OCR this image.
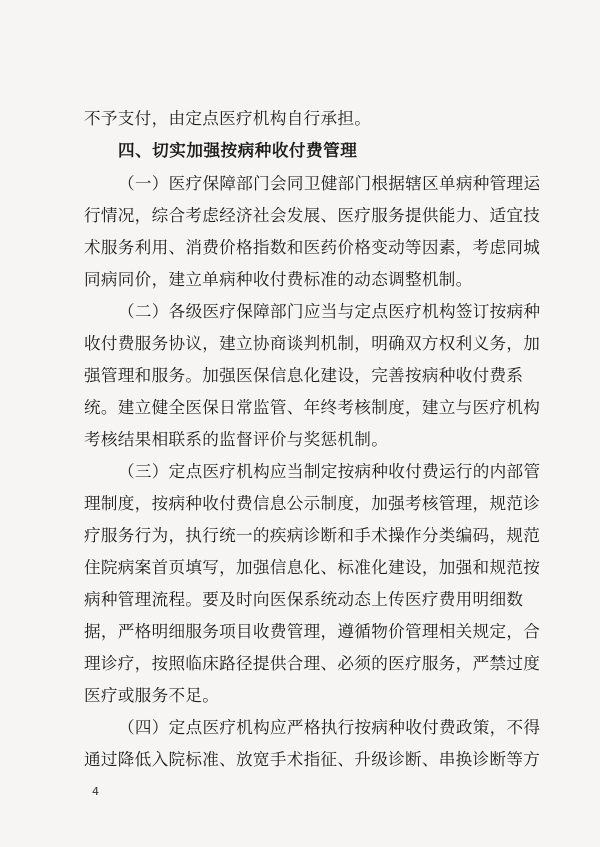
不予支付，由定点医疗机构自行承担。
四、切实加强按病种收付费管理
（一）医疗保障部门会同卫健部门根据辖区单病种管理运
行情况，综合考虑经济社会发展、医疗服务提供能力、适宜技
术服务利用、消费价格指数和医药价格变动等因素，考虑同城
同病同价，建立单病种收付费标准的动态调整机制。
（二）各级医疗保障部门应当与定点医疗机构签订按病种
收付费服务协议，建立协商谈判机制，明确双方权利义务，加
强管理和服务。加强医保信息化建设，完善按病种收付费系
统。建立健全医保日常监管、年终考核制度，建立与医疗机构
考核结果相联系的监督评价与奖惩机制。
（三）定点医疗机构应当制定按病种收付费运行的内部管
理制度，按病种收付费信息公示制度，加强考核管理，规范诊
疗服务行为，执行统一的疾病诊断和手术操作分类编码，规范
住院病案首页填写，加强信息化、标准化建设，加强和规范按
病种管理流程。要及时向医保系统动态上传医疗费用明细数
据，严格明细服务项目收费管理，遵循物价管理相关规定，合
理诊疗，按照临床路径提供合理、必须的医疗服务，严禁过度
医疗或服务不足。
（四）定点医疗机构应严格执行按病种收付费政策，不得
通过降低入院标准、放宽手术指征、升级诊断、串换诊断等方
4
